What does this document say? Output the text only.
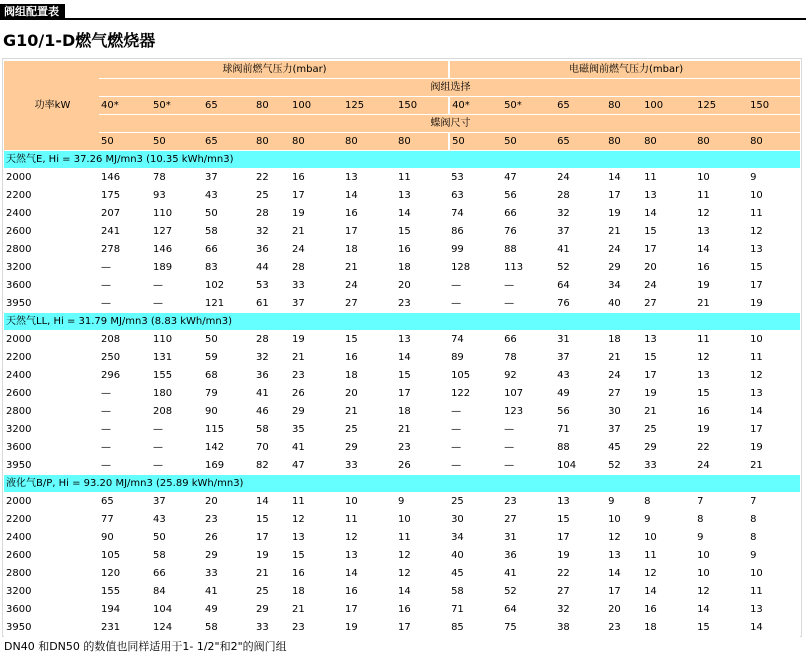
阀组配置表
G10/1-D燃气燃烧器
功率kW	球阀前燃气压力(mbar)							电磁阀前燃气压力(mbar)						
	阀组选择													
	40*	50*	65	80	100	125	150	40*	50*	65	80	100	125	150
	蝶阀尺寸													
	50	50	65	80	80	80	80	50	50	65	80	80	80	80
天然气E, Hi = 37.26 MJ/mn3 (10.35 kWh/mn3)														
2000	146	78	37	22	16	13	11	53	47	24	14	11	10	9
2200	175	93	43	25	17	14	13	63	56	28	17	13	11	10
2400	207	110	50	28	19	16	14	74	66	32	19	14	12	11
2600	241	127	58	32	21	17	15	86	76	37	21	15	13	12
2800	278	146	66	36	24	18	16	99	88	41	24	17	14	13
3200	—	189	83	44	28	21	18	128	113	52	29	20	16	15
3600	—	—	102	53	33	24	20	—	—	64	34	24	19	17
3950	—	—	121	61	37	27	23	—	—	76	40	27	21	19
天然气LL, Hi = 31.79 MJ/mn3 (8.83 kWh/mn3)														
2000	208	110	50	28	19	15	13	74	66	31	18	13	11	10
2200	250	131	59	32	21	16	14	89	78	37	21	15	12	11
2400	296	155	68	36	23	18	15	105	92	43	24	17	13	12
2600	—	180	79	41	26	20	17	122	107	49	27	19	15	13
2800	—	208	90	46	29	21	18	—	123	56	30	21	16	14
3200	—	—	115	58	35	25	21	—	—	71	37	25	19	17
3600	—	—	142	70	41	29	23	—	—	88	45	29	22	19
3950	—	—	169	82	47	33	26	—	—	104	52	33	24	21
液化气B/P, Hi = 93.20 MJ/mn3 (25.89 kWh/mn3)														
2000	65	37	20	14	11	10	9	25	23	13	9	8	7	7
2200	77	43	23	15	12	11	10	30	27	15	10	9	8	8
2400	90	50	26	17	13	12	11	34	31	17	12	10	9	8
2600	105	58	29	19	15	13	12	40	36	19	13	11	10	9
2800	120	66	33	21	16	14	12	45	41	22	14	12	10	10
3200	155	84	41	25	18	16	14	58	52	27	17	14	12	11
3600	194	104	49	29	21	17	16	71	64	32	20	16	14	13
3950	231	124	58	33	23	19	17	85	75	38	23	18	15	14
DN40 和DN50 的数值也同样适用于1- 1/2"和2"的阀门组
